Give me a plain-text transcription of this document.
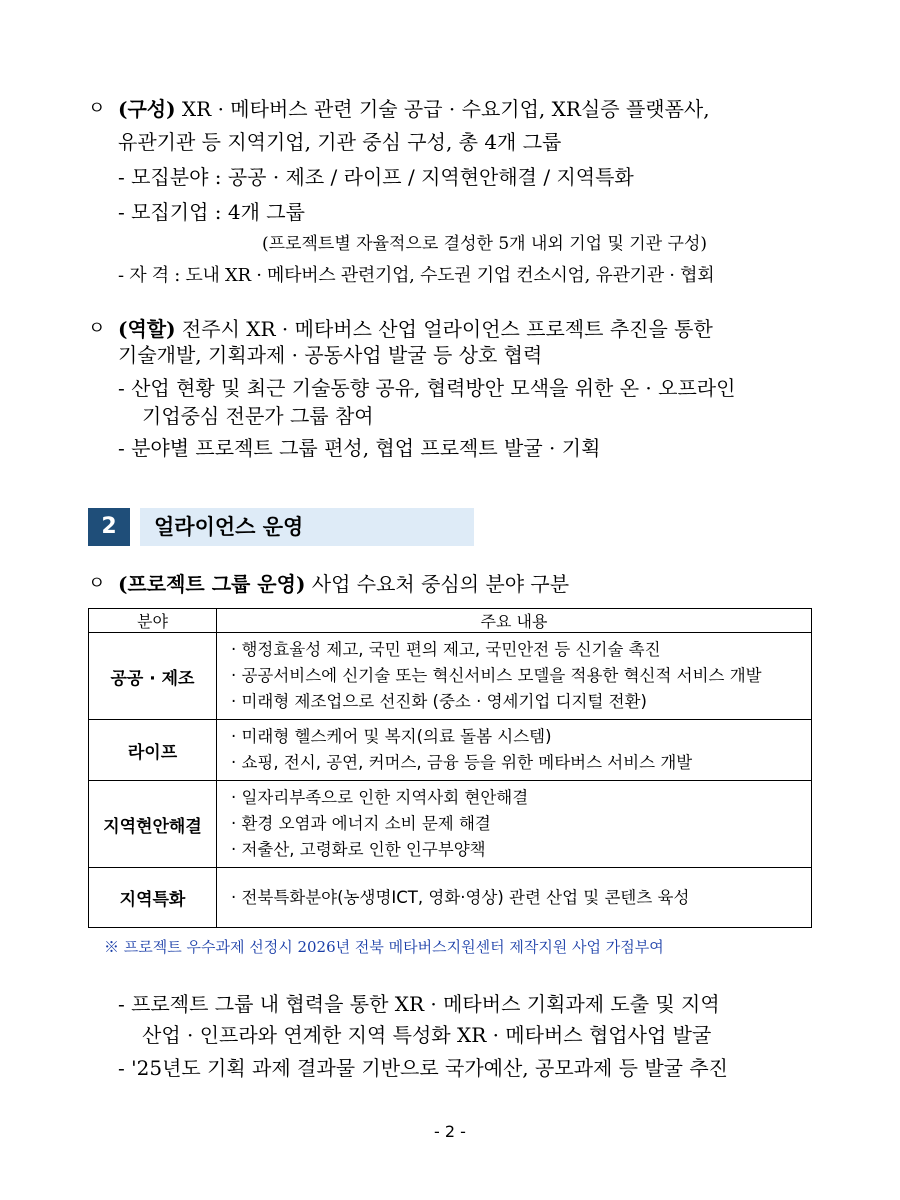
ㅇ (구성) XR · 메타버스 관련 기술 공급 · 수요기업, XR실증 플랫폼사,
유관기관 등 지역기업, 기관 중심 구성, 총 4개 그룹
- 모집분야 : 공공 · 제조 / 라이프 / 지역현안해결 / 지역특화
- 모집기업 : 4개 그룹
(프로젝트별 자율적으로 결성한 5개 내외 기업 및 기관 구성)
- 자 격 : 도내 XR · 메타버스 관련기업, 수도권 기업 컨소시엄, 유관기관 · 협회
ㅇ (역할) 전주시 XR · 메타버스 산업 얼라이언스 프로젝트 추진을 통한
기술개발, 기획과제 · 공동사업 발굴 등 상호 협력
- 산업 현황 및 최근 기술동향 공유, 협력방안 모색을 위한 온 · 오프라인
기업중심 전문가 그룹 참여
- 분야별 프로젝트 그룹 편성, 협업 프로젝트 발굴 · 기획
2	얼라이언스 운영
ㅇ (프로젝트 그룹 운영) 사업 수요처 중심의 분야 구분
분야	주요 내용
공공 · 제조	· 행정효율성 제고, 국민 편의 제고, 국민안전 등 신기술 촉진
· 공공서비스에 신기술 또는 혁신서비스 모델을 적용한 혁신적 서비스 개발
· 미래형 제조업으로 선진화 (중소 · 영세기업 디지털 전환)

라이프	· 미래형 헬스케어 및 복지(의료 돌봄 시스템)
· 쇼핑, 전시, 공연, 커머스, 금융 등을 위한 메타버스 서비스 개발

지역현안해결	· 일자리부족으로 인한 지역사회 현안해결
· 환경 오염과 에너지 소비 문제 해결
· 저출산, 고령화로 인한 인구부양책

지역특화	· 전북특화분야(농생명ICT, 영화·영상) 관련 산업 및 콘텐츠 육성
※ 프로젝트 우수과제 선정시 2026년 전북 메타버스지원센터 제작지원 사업 가점부여
- 프로젝트 그룹 내 협력을 통한 XR · 메타버스 기획과제 도출 및 지역
산업 · 인프라와 연계한 지역 특성화 XR · 메타버스 협업사업 발굴
- '25년도 기획 과제 결과물 기반으로 국가예산, 공모과제 등 발굴 추진
- 2 -
